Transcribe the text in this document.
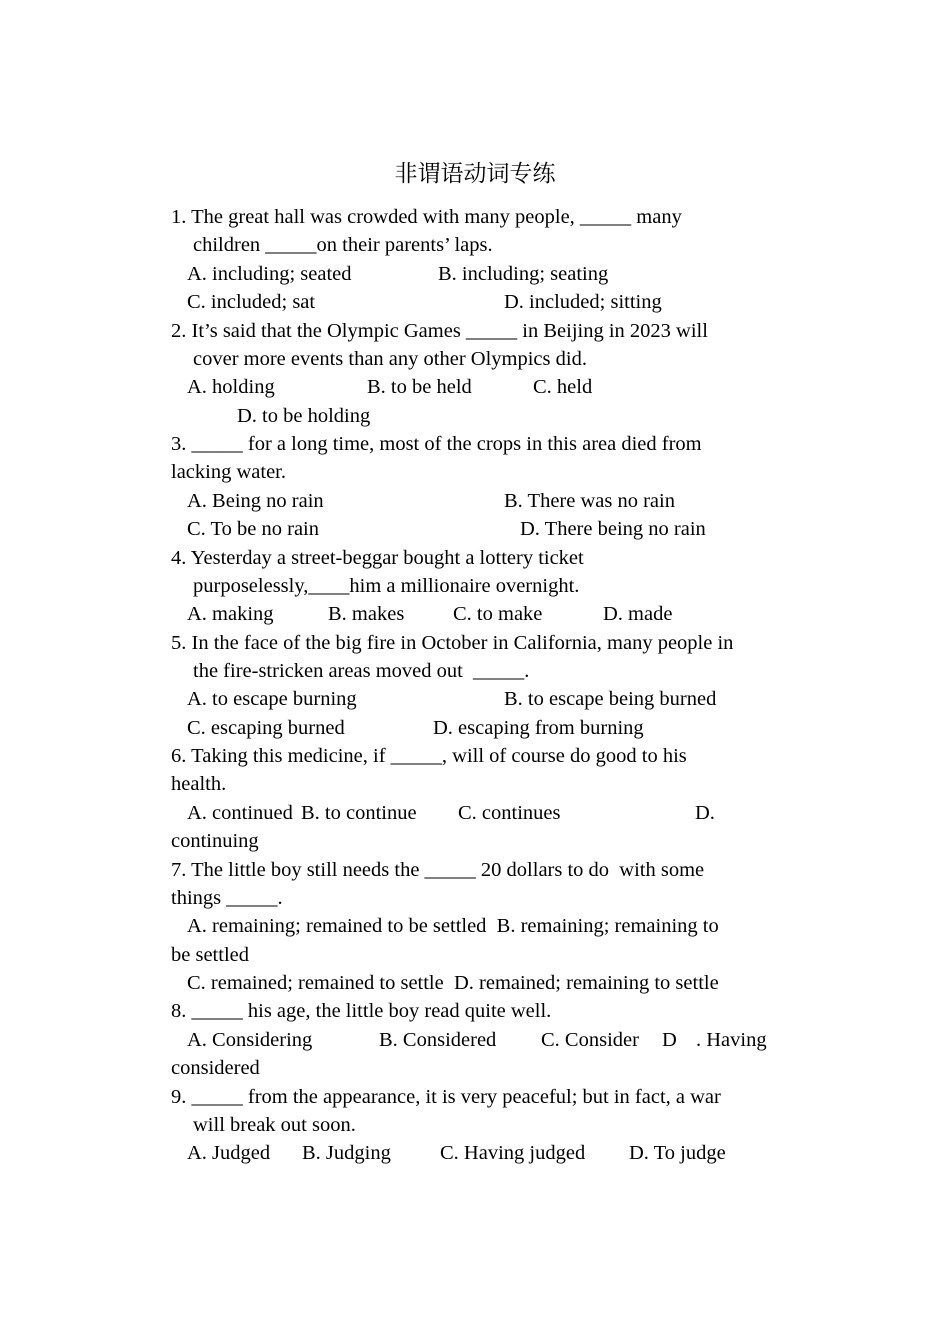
非谓语动词专练
1. The great hall was crowded with many people, _____ many
children _____on their parents’ laps.
A. including; seated	B. including; seating
C. included; sat	D. included; sitting
2. It’s said that the Olympic Games _____ in Beijing in 2023 will
cover more events than any other Olympics did.
A. holding	B. to be held	C. held
D. to be holding
3. _____ for a long time, most of the crops in this area died from
lacking water.
A. Being no rain	B. There was no rain
C. To be no rain	D. There being no rain
4. Yesterday a street-beggar bought a lottery ticket
purposelessly,____him a millionaire overnight.
A. making	B. makes C. to make	D. made
5. In the face of the big fire in October in California, many people in
the fire-stricken areas moved out  _____.
A. to escape burning	B. to escape being burned
C. escaping burned	D. escaping from burning
6. Taking this medicine, if _____, will of course do good to his
health.
A. continued B. to continue C. continues	D.
continuing
7. The little boy still needs the _____ 20 dollars to do  with some
things _____.
A. remaining; remained to be settled  B. remaining; remaining to
be settled
C. remained; remained to settle  D. remained; remaining to settle
8. _____ his age, the little boy read quite well.
A. Considering	B. Considered C. Consider D . Having
considered
9. _____ from the appearance, it is very peaceful; but in fact, a war
will break out soon.
A. Judged B. Judging C. Having judged D. To judge
